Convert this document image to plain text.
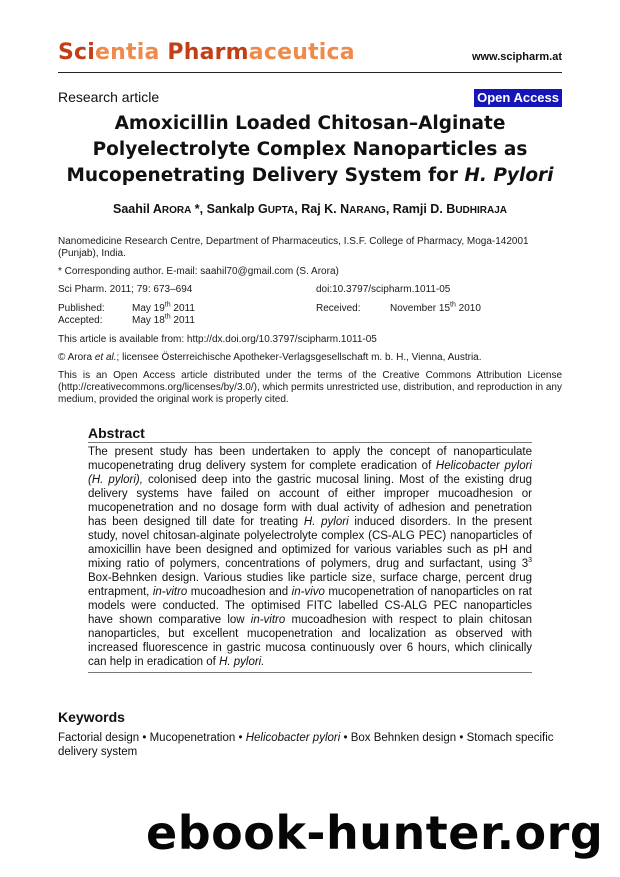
Scientia Pharmaceutica	www.scipharm.at
Research article	Open Access
Amoxicillin Loaded Chitosan–Alginate
Polyelectrolyte Complex Nanoparticles as
Mucopenetrating Delivery System for H. Pylori
Saahil ARORA *, Sankalp GUPTA, Raj K. NARANG, Ramji D. BUDHIRAJA
Nanomedicine Research Centre, Department of Pharmaceutics, I.S.F. College of Pharmacy, Moga-142001 (Punjab), India.
* Corresponding author. E-mail: saahil70@gmail.com (S. Arora)
Sci Pharm. 2011; 79: 673–694	doi:10.3797/scipharm.1011-05
Published:	May 19th 2011	Received:	November 15th 2010
Accepted:	May 18th 2011
This article is available from: http://dx.doi.org/10.3797/scipharm.1011-05
© Arora et al.; licensee Österreichische Apotheker-Verlagsgesellschaft m. b. H., Vienna, Austria.
This is an Open Access article distributed under the terms of the Creative Commons Attribution License (http://creativecommons.org/licenses/by/3.0/), which permits unrestricted use, distribution, and reproduction in any medium, provided the original work is properly cited.
Abstract

The present study has been undertaken to apply the concept of nanoparticulate mucopenetrating drug delivery system for complete eradication of Helicobacter pylori (H. pylori), colonised deep into the gastric mucosal lining. Most of the existing drug delivery systems have failed on account of either improper mucoadhesion or mucopenetration and no dosage form with dual activity of adhesion and penetration has been designed till date for treating H. pylori induced disorders. In the present study, novel chitosan-alginate polyelectrolyte complex (CS-ALG PEC) nanoparticles of amoxicillin have been designed and optimized for various variables such as pH and mixing ratio of polymers, concentrations of polymers, drug and surfactant, using $3^3$ Box-Behnken design. Various studies like particle size, surface charge, percent drug entrapment, in-vitro mucoadhesion and in-vivo mucopenetration of nanoparticles on rat models were conducted. The optimised FITC labelled CS-ALG PEC nanoparticles have shown comparative low in-vitro mucoadhesion with respect to plain chitosan nanoparticles, but excellent mucopenetration and localization as observed with increased fluorescence in gastric mucosa continuously over 6 hours, which clinically can help in eradication of H. pylori.

Keywords

Factorial design • Mucopenetration • Helicobacter pylori • Box Behnken design • Stomach specific delivery system

ebook-hunter.org
